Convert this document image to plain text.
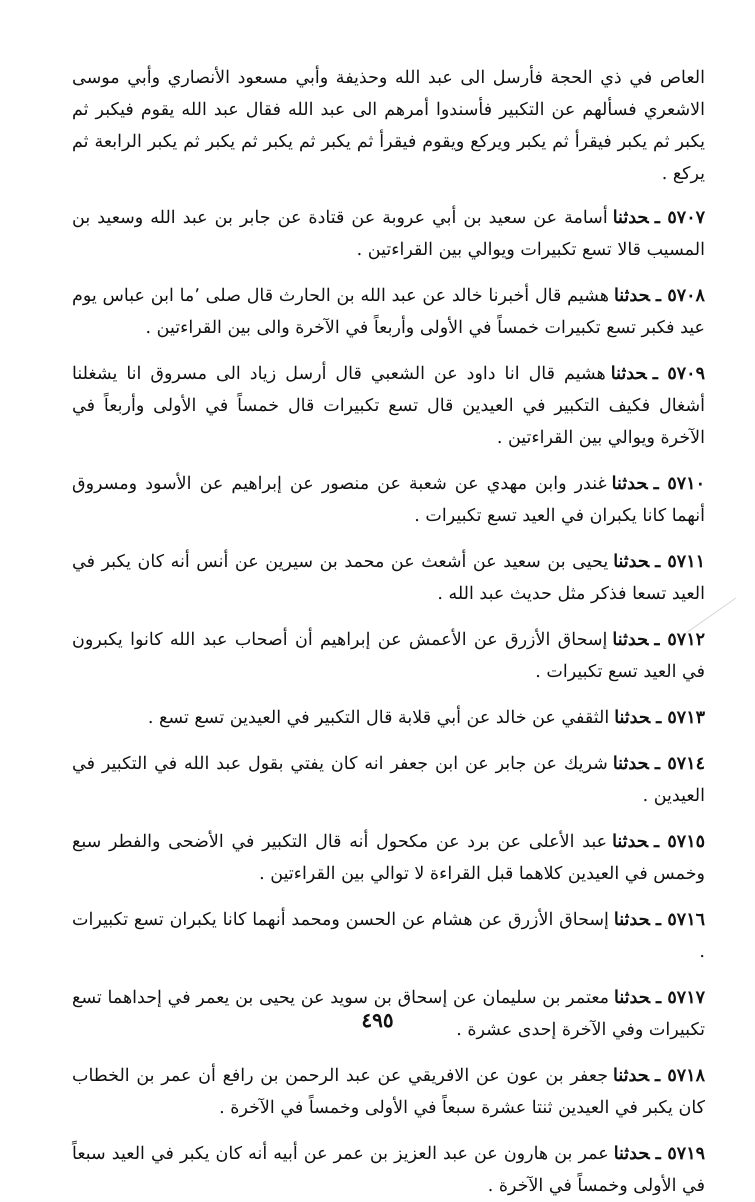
العاص في ذي الحجة فأرسل الى عبد الله وحذيفة وأبي مسعود الأنصاري وأبي موسى الاشعري فسألهم عن التكبير فأسندوا أمرهم الى عبد الله فقال عبد الله يقوم فيكبر ثم يكبر ثم يكبر فيقرأ ثم يكبر ويركع ويقوم فيقرأ ثم يكبر ثم يكبر ثم يكبر ثم يكبر الرابعة ثم يركع .

٥٧٠٧ ـحدثناأسامة عن سعيد بن أبي عروبة عن قتادة عن جابر بن عبد الله وسعيد بن المسيب قالا تسع تكبيرات ويوالي بين القراءتين .

٥٧٠٨ ـحدثناهشيم قال أخبرنا خالد عن عبد الله بن الحارث قال صلى ٬ما ابن عباس يوم عيد فكبر تسع تكبيرات خمساً في الأولى وأربعاً في الآخرة والى بين القراءتين .

٥٧٠٩ ـحدثناهشيم قال انا داود عن الشعبي قال أرسل زياد الى مسروق انا يشغلنا أشغال فكيف التكبير في العيدين قال تسع تكبيرات قال خمساً في الأولى وأربعاً في الآخرة ويوالي بين القراءتين .

٥٧١٠ ـحدثناغندر وابن مهدي عن شعبة عن منصور عن إبراهيم عن الأسود ومسروق أنهما كانا يكبران في العيد تسع تكبيرات .

٥٧١١ ـحدثنايحيى بن سعيد عن أشعث عن محمد بن سيرين عن أنس أنه كان يكبر في العيد تسعا فذكر مثل حديث عبد الله .

٥٧١٢ ـحدثناإسحاق الأزرق عن الأعمش عن إبراهيم أن أصحاب عبد الله كانوا يكبرون في العيد تسع تكبيرات .

٥٧١٣ ـحدثناالثقفي عن خالد عن أبي قلابة قال التكبير في العيدين تسع تسع .

٥٧١٤ ـحدثناشريك عن جابر عن ابن جعفر انه كان يفتي بقول عبد الله في التكبير في العيدين .

٥٧١٥ ـحدثناعبد الأعلى عن برد عن مكحول أنه قال التكبير في الأضحى والفطر سبع وخمس في العيدين كلاهما قبل القراءة لا توالي بين القراءتين .

٥٧١٦ ـحدثناإسحاق الأزرق عن هشام عن الحسن ومحمد أنهما كانا يكبران تسع تكبيرات .

٥٧١٧ ـحدثنامعتمر بن سليمان عن إسحاق بن سويد عن يحيى بن يعمر في إحداهما تسع تكبيرات وفي الآخرة إحدى عشرة .

٥٧١٨ ـحدثناجعفر بن عون عن الافريقي عن عبد الرحمن بن رافع أن عمر بن الخطاب كان يكبر في العيدين ثنتا عشرة سبعاً في الأولى وخمساً في الآخرة .

٥٧١٩ ـحدثناعمر بن هارون عن عبد العزيز بن عمر عن أبيه أنه كان يكبر في العيد سبعاً في الأولى وخمساً في الآخرة .

٤٩٥
